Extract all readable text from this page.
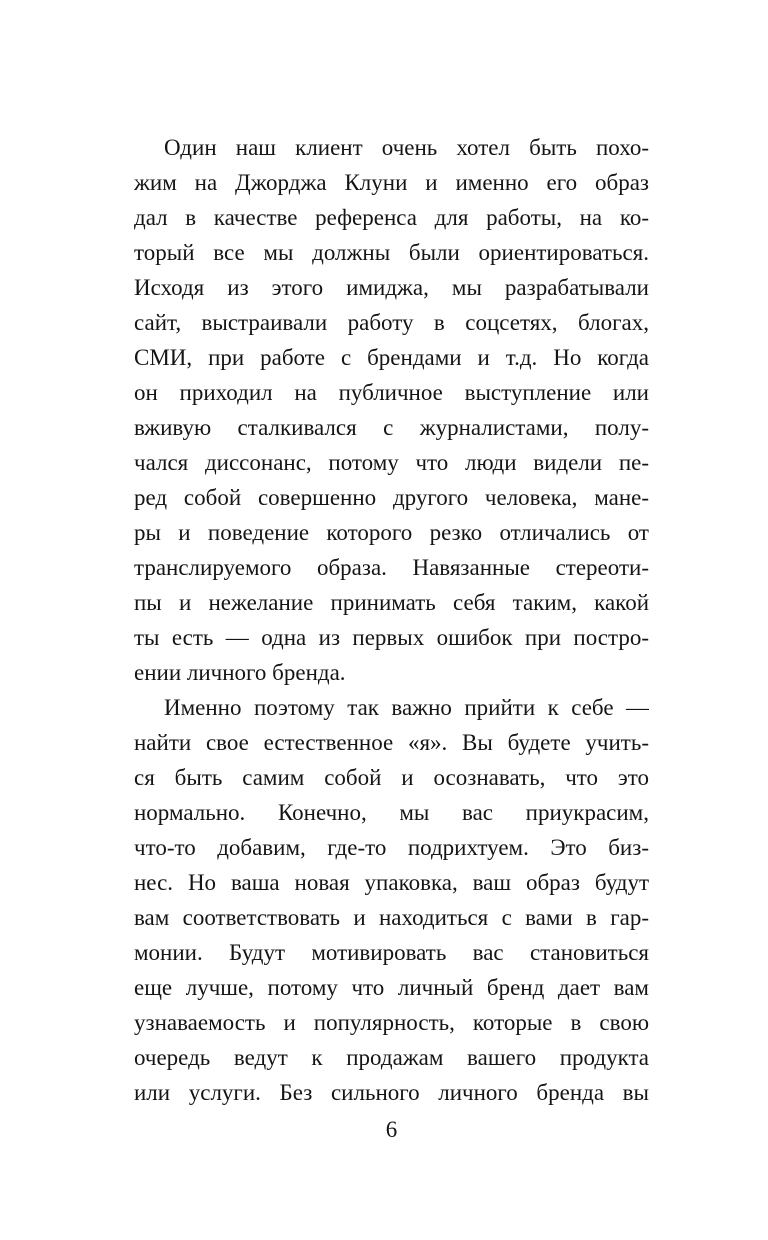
Один наш клиент очень хотел быть похо-
жим на Джорджа Клуни и именно его образ
дал в качестве референса для работы, на ко-
торый все мы должны были ориентироваться.
Исходя из этого имиджа, мы разрабатывали
сайт, выстраивали работу в соцсетях, блогах,
СМИ, при работе с брендами и т.д. Но когда
он приходил на публичное выступление или
вживую сталкивался с журналистами, полу-
чался диссонанс, потому что люди видели пе-
ред собой совершенно другого человека, мане-
ры и поведение которого резко отличались от
транслируемого образа. Навязанные стереоти-
пы и нежелание принимать себя таким, какой
ты есть — одна из первых ошибок при постро-
ении личного бренда.
Именно поэтому так важно прийти к себе —
найти свое естественное «я». Вы будете учить-
ся быть самим собой и осознавать, что это
нормально. Конечно, мы вас приукрасим,
что-то добавим, где-то подрихтуем. Это биз-
нес. Но ваша новая упаковка, ваш образ будут
вам соответствовать и находиться с вами в гар-
монии. Будут мотивировать вас становиться
еще лучше, потому что личный бренд дает вам
узнаваемость и популярность, которые в свою
очередь ведут к продажам вашего продукта
или услуги. Без сильного личного бренда вы
6
